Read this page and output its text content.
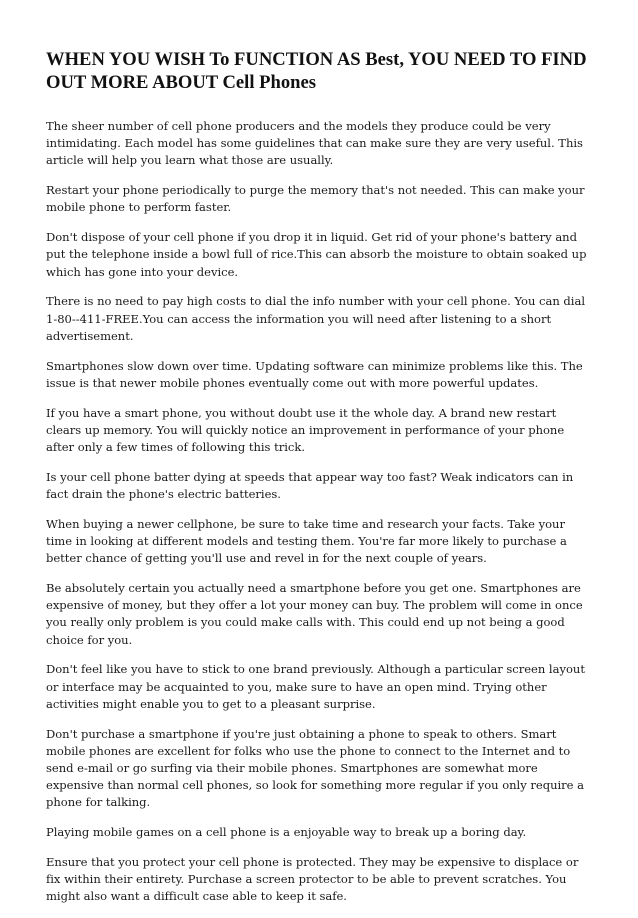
WHEN YOU WISH To FUNCTION AS Best, YOU NEED TO FIND OUT MORE ABOUT Cell Phones

The sheer number of cell phone producers and the models they produce could be very intimidating. Each model has some guidelines that can make sure they are very useful. This article will help you learn what those are usually.

Restart your phone periodically to purge the memory that's not needed. This can make your mobile phone to perform faster.

Don't dispose of your cell phone if you drop it in liquid. Get rid of your phone's battery and put the telephone inside a bowl full of rice.This can absorb the moisture to obtain soaked up which has gone into your device.

There is no need to pay high costs to dial the info number with your cell phone. You can dial 1-80--411-FREE.You can access the information you will need after listening to a short advertisement.

Smartphones slow down over time. Updating software can minimize problems like this. The issue is that newer mobile phones eventually come out with more powerful updates.

If you have a smart phone, you without doubt use it the whole day. A brand new restart clears up memory. You will quickly notice an improvement in performance of your phone after only a few times of following this trick.

Is your cell phone batter dying at speeds that appear way too fast? Weak indicators can in fact drain the phone's electric batteries.

When buying a newer cellphone, be sure to take time and research your facts. Take your time in looking at different models and testing them. You're far more likely to purchase a better chance of getting you'll use and revel in for the next couple of years.

Be absolutely certain you actually need a smartphone before you get one. Smartphones are expensive of money, but they offer a lot your money can buy. The problem will come in once you really only problem is you could make calls with. This could end up not being a good choice for you.

Don't feel like you have to stick to one brand previously. Although a particular screen layout or interface may be acquainted to you, make sure to have an open mind. Trying other activities might enable you to get to a pleasant surprise.

Don't purchase a smartphone if you're just obtaining a phone to speak to others. Smart mobile phones are excellent for folks who use the phone to connect to the Internet and to send e-mail or go surfing via their mobile phones. Smartphones are somewhat more expensive than normal cell phones, so look for something more regular if you only require a phone for talking.

Playing mobile games on a cell phone is a enjoyable way to break up a boring day.

Ensure that you protect your cell phone is protected. They may be expensive to displace or fix within their entirety. Purchase a screen protector to be able to prevent scratches. You might also want a difficult case able to keep it safe.
